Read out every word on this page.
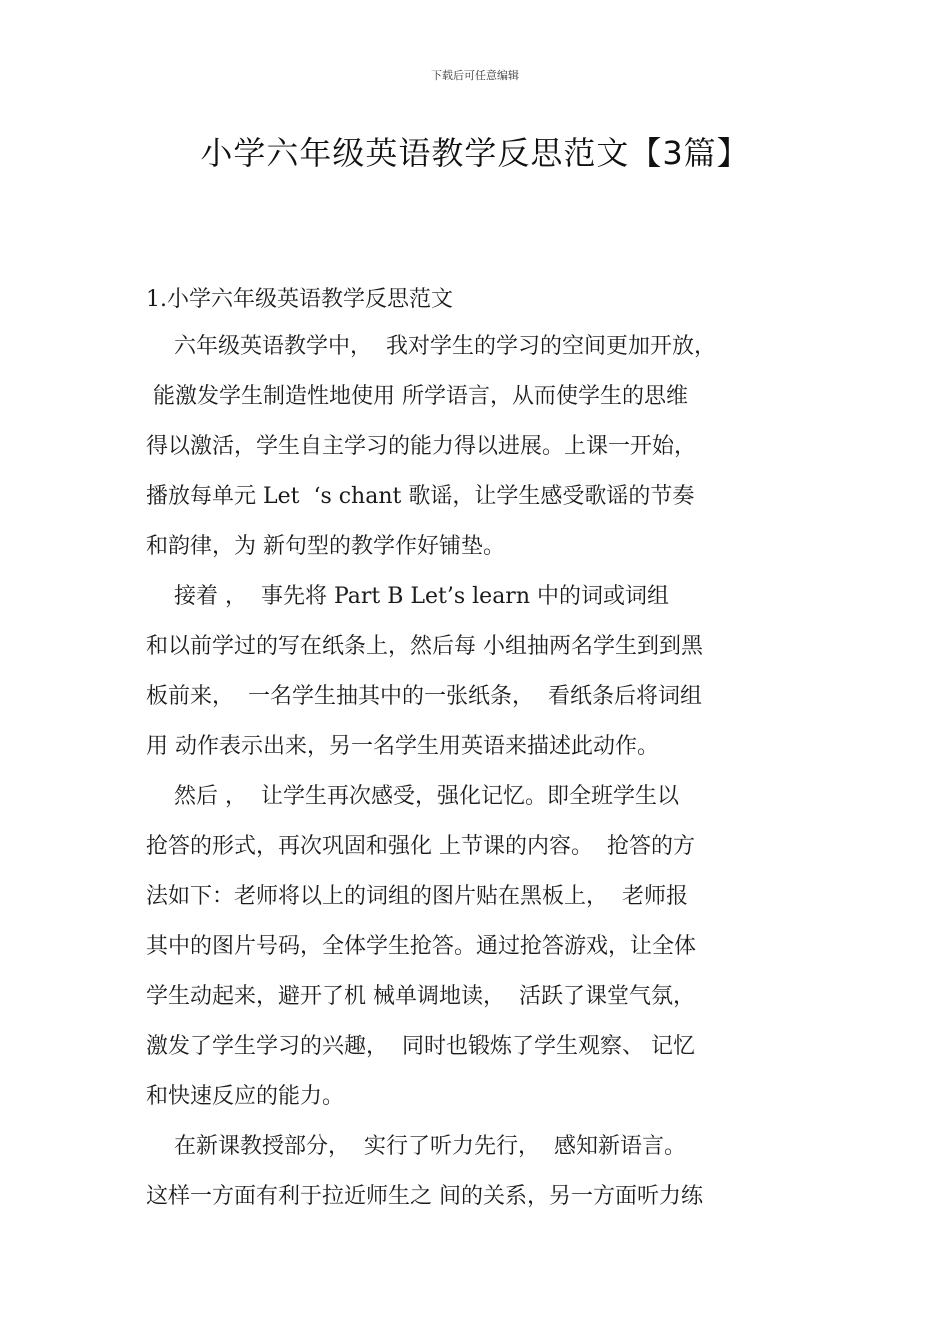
下载后可任意编辑
小学六年级英语教学反思范文【3篇】
1.小学六年级英语教学反思范文
六年级英语教学中，  我对学生的学习的空间更加开放，
能激发学生制造性地使用 所学语言，从而使学生的思维
得以激活，学生自主学习的能力得以进展。上课一开始，
播放每单元 Let  ‘s chant 歌谣，让学生感受歌谣的节奏
和韵律，为 新句型的教学作好铺垫。
接着 ，  事先将 Part B Let’s learn 中的词或词组
和以前学过的写在纸条上，然后每 小组抽两名学生到到黑
板前来，  一名学生抽其中的一张纸条，  看纸条后将词组
用 动作表示出来，另一名学生用英语来描述此动作。
然后 ，  让学生再次感受，强化记忆。即全班学生以
抢答的形式，再次巩固和强化 上节课的内容。  抢答的方
法如下：老师将以上的词组的图片贴在黑板上，  老师报
其中的图片号码，全体学生抢答。通过抢答游戏，让全体
学生动起来，避开了机 械单调地读，  活跃了课堂气氛，
激发了学生学习的兴趣，  同时也锻炼了学生观察、 记忆
和快速反应的能力。
在新课教授部分，  实行了听力先行，  感知新语言。
这样一方面有利于拉近师生之 间的关系，另一方面听力练
